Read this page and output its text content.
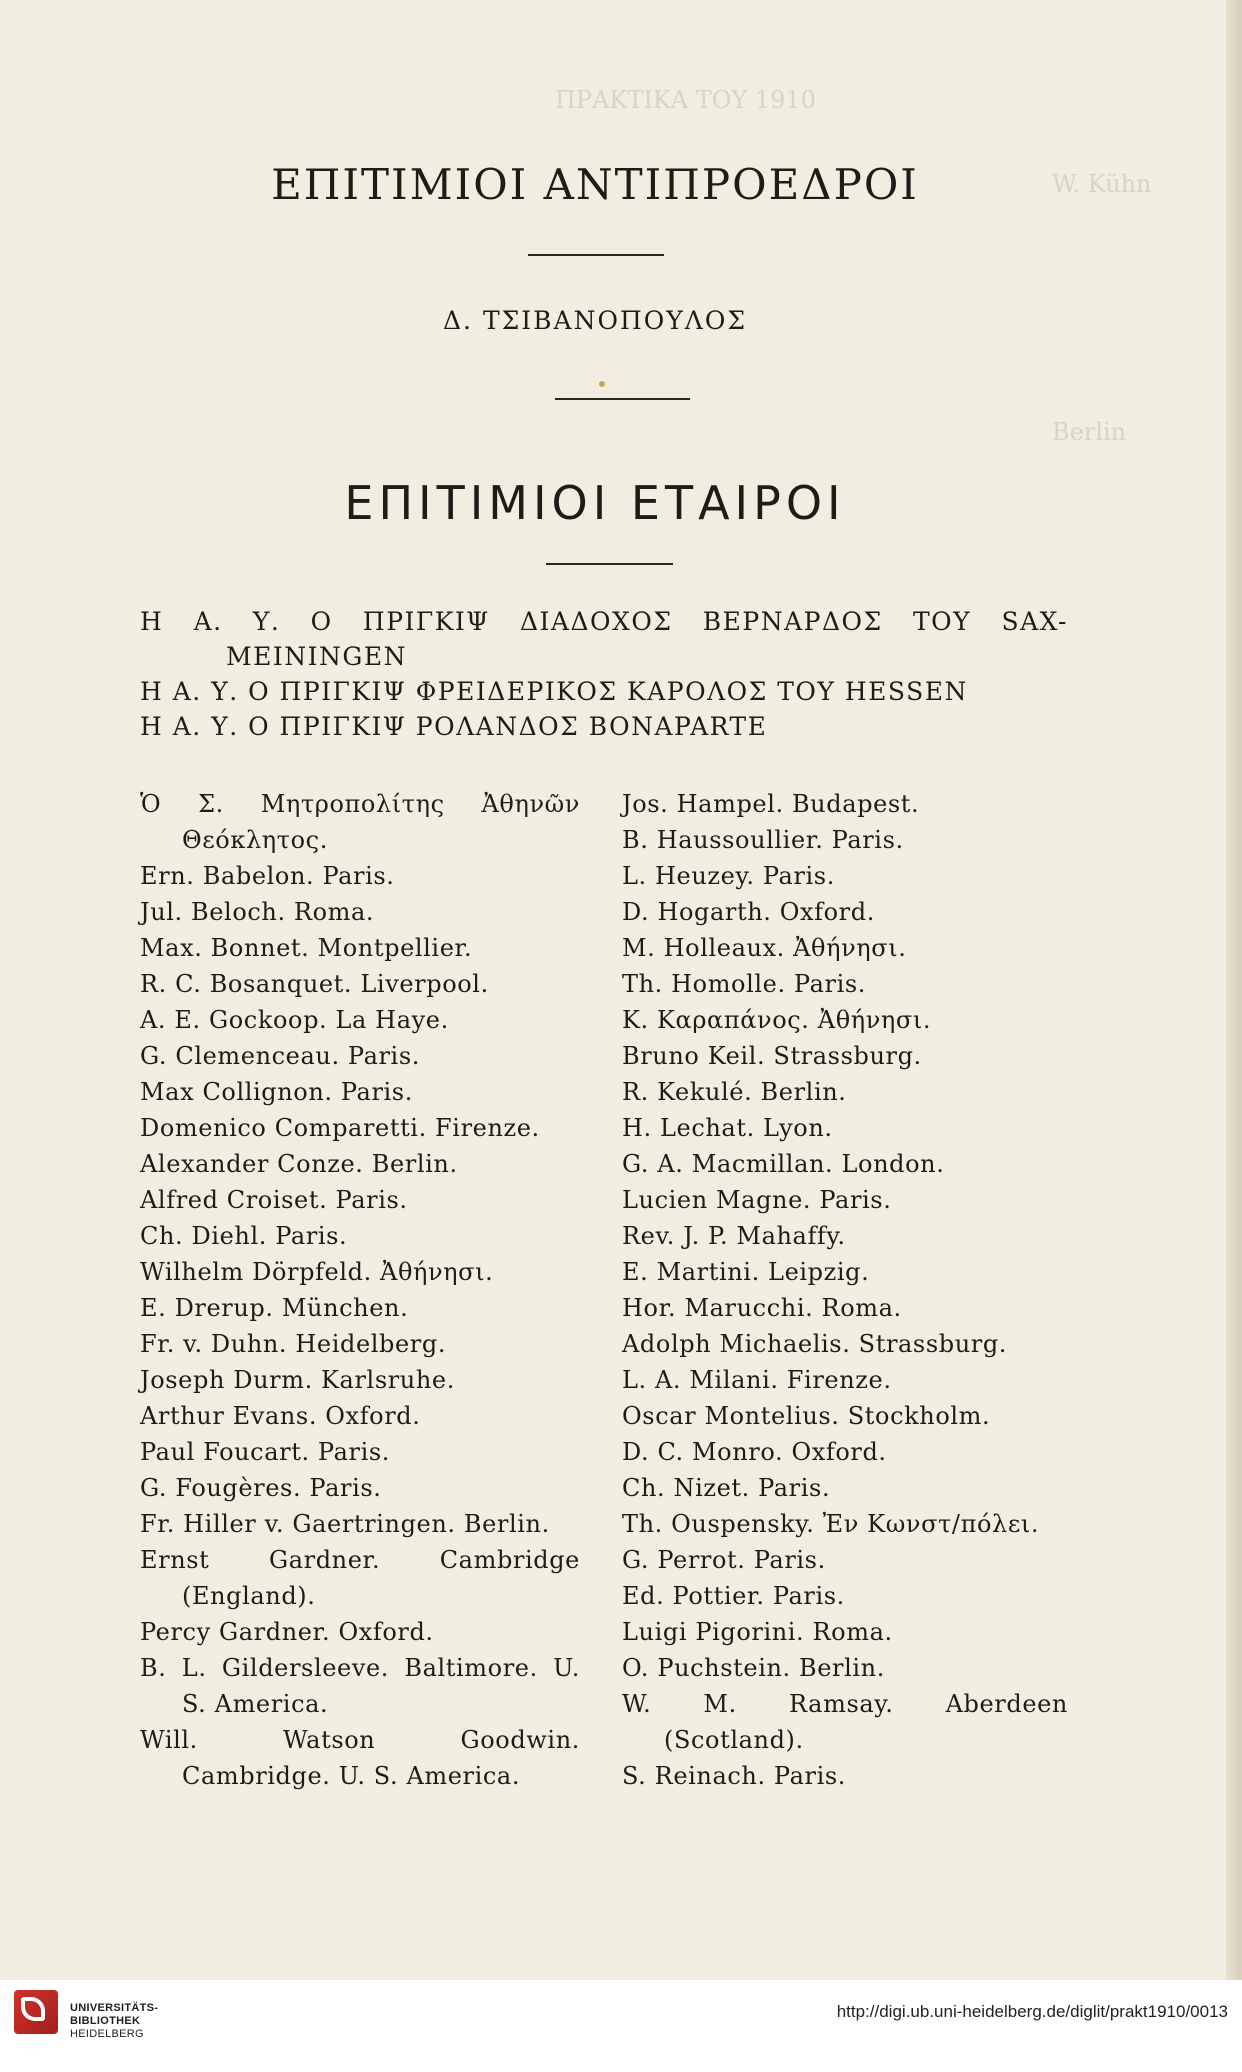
ΠΡΑΚΤΙΚΑ ΤΟΥ 1910
W. Kühn
Berlin
ΕΠΙΤΙΜΙΟΙ ΑΝΤΙΠΡΟΕΔΡΟΙ
Δ. ΤΣΙΒΑΝΟΠΟΥΛΟΣ
ΕΠΙΤΙΜΙΟΙ ΕΤΑΙΡΟΙ
Η Α. Υ. Ο ΠΡΙΓΚΙΨ ΔΙΑΔΟΧΟΣ ΒΕΡΝΑΡΔΟΣ ΤΟΥ SAX-MEININGEN
Η Α. Υ. Ο ΠΡΙΓΚΙΨ ΦΡΕΙΔΕΡΙΚΟΣ ΚΑΡΟΛΟΣ ΤΟΥ HESSEN
Η Α. Υ. Ο ΠΡΙΓΚΙΨ ΡΟΛΑΝΔΟΣ BONAPARTE
Ὁ Σ. Μητροπολίτης Ἀθηνῶν Θεόκλητος.
Ern. Babelon. Paris.
Jul. Beloch. Roma.
Max. Bonnet. Montpellier.
R. C. Bosanquet. Liverpool.
A. E. Gockoop. La Haye.
G. Clemenceau. Paris.
Max Collignon. Paris.
Domenico Comparetti. Firenze.
Alexander Conze. Berlin.
Alfred Croiset. Paris.
Ch. Diehl. Paris.
Wilhelm Dörpfeld. Ἀθήνησι.
E. Drerup. München.
Fr. v. Duhn. Heidelberg.
Joseph Durm. Karlsruhe.
Arthur Evans. Oxford.
Paul Foucart. Paris.
G. Fougères. Paris.
Fr. Hiller v. Gaertringen. Berlin.
Ernst Gardner. Cambridge (England).
Percy Gardner. Oxford.
B. L. Gildersleeve. Baltimore. U. S. America.
Will. Watson Goodwin. Cambridge. U. S. America.
Jos. Hampel. Budapest.
B. Haussoullier. Paris.
L. Heuzey. Paris.
D. Hogarth. Oxford.
M. Holleaux. Ἀθήνησι.
Th. Homolle. Paris.
K. Καραπάνος. Ἀθήνησι.
Bruno Keil. Strassburg.
R. Kekulé. Berlin.
H. Lechat. Lyon.
G. A. Macmillan. London.
Lucien Magne. Paris.
Rev. J. P. Mahaffy.
E. Martini. Leipzig.
Hor. Marucchi. Roma.
Adolph Michaelis. Strassburg.
L. A. Milani. Firenze.
Oscar Montelius. Stockholm.
D. C. Monro. Oxford.
Ch. Nizet. Paris.
Th. Ouspensky. Ἐν Κωνστ/πόλει.
G. Perrot. Paris.
Ed. Pottier. Paris.
Luigi Pigorini. Roma.
O. Puchstein. Berlin.
W. M. Ramsay. Aberdeen (Scotland).
S. Reinach. Paris.
UNIVERSITÄTS-
BIBLIOTHEK
HEIDELBERG
http://digi.ub.uni-heidelberg.de/diglit/prakt1910/0013
